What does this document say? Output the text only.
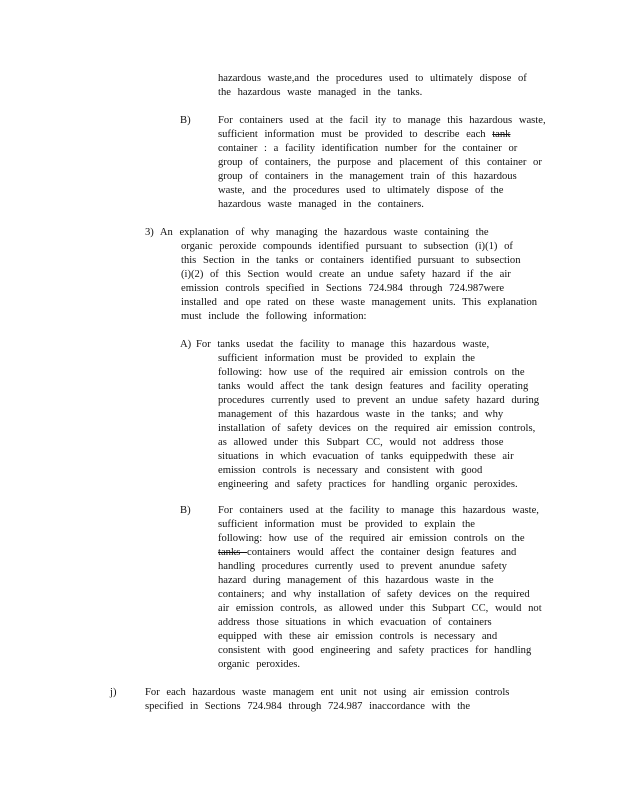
hazardous waste,and the procedures used to ultimately dispose of
the hazardous waste managed in the tanks.
B)	For containers used at the facil ity to manage this hazardous waste,
sufficient information must be provided to describe each tank
container : a facility identification number for the container or
group of containers, the purpose and placement of this container or
group of containers in the management train of this hazardous
waste, and the procedures used to ultimately dispose of the
hazardous waste managed in the containers.
3) An explanation of why managing the hazardous waste containing the
organic peroxide compounds identified pursuant to subsection (i)(1) of
this Section in the tanks or containers identified pursuant to subsection
(i)(2) of this Section would create an undue safety hazard if the air
emission controls specified in Sections 724.984 through 724.987were
installed and ope rated on these waste management units. This explanation
must include the following information:
A) For tanks usedat the facility to manage this hazardous waste,
sufficient information must be provided to explain the
following: how use of the required air emission controls on the
tanks would affect the tank design features and facility operating
procedures currently used to prevent an undue safety hazard during
management of this hazardous waste in the tanks; and why
installation of safety devices on the required air emission controls,
as allowed under this Subpart CC, would not address those
situations in which evacuation of tanks equippedwith these air
emission controls is necessary and consistent with good
engineering and safety practices for handling organic peroxides.
B)	For containers used at the facility to manage this hazardous waste,
sufficient information must be provided to explain the
following: how use of the required air emission controls on the
tanks containers would affect the container design features and
handling procedures currently used to prevent anundue safety
hazard during management of this hazardous waste in the
containers; and why installation of safety devices on the required
air emission controls, as allowed under this Subpart CC, would not
address those situations in which evacuation of containers
equipped with these air emission controls is necessary and
consistent with good engineering and safety practices for handling
organic peroxides.
j)	For each hazardous waste managem ent unit not using air emission controls
specified in Sections 724.984 through 724.987 inaccordance with the
